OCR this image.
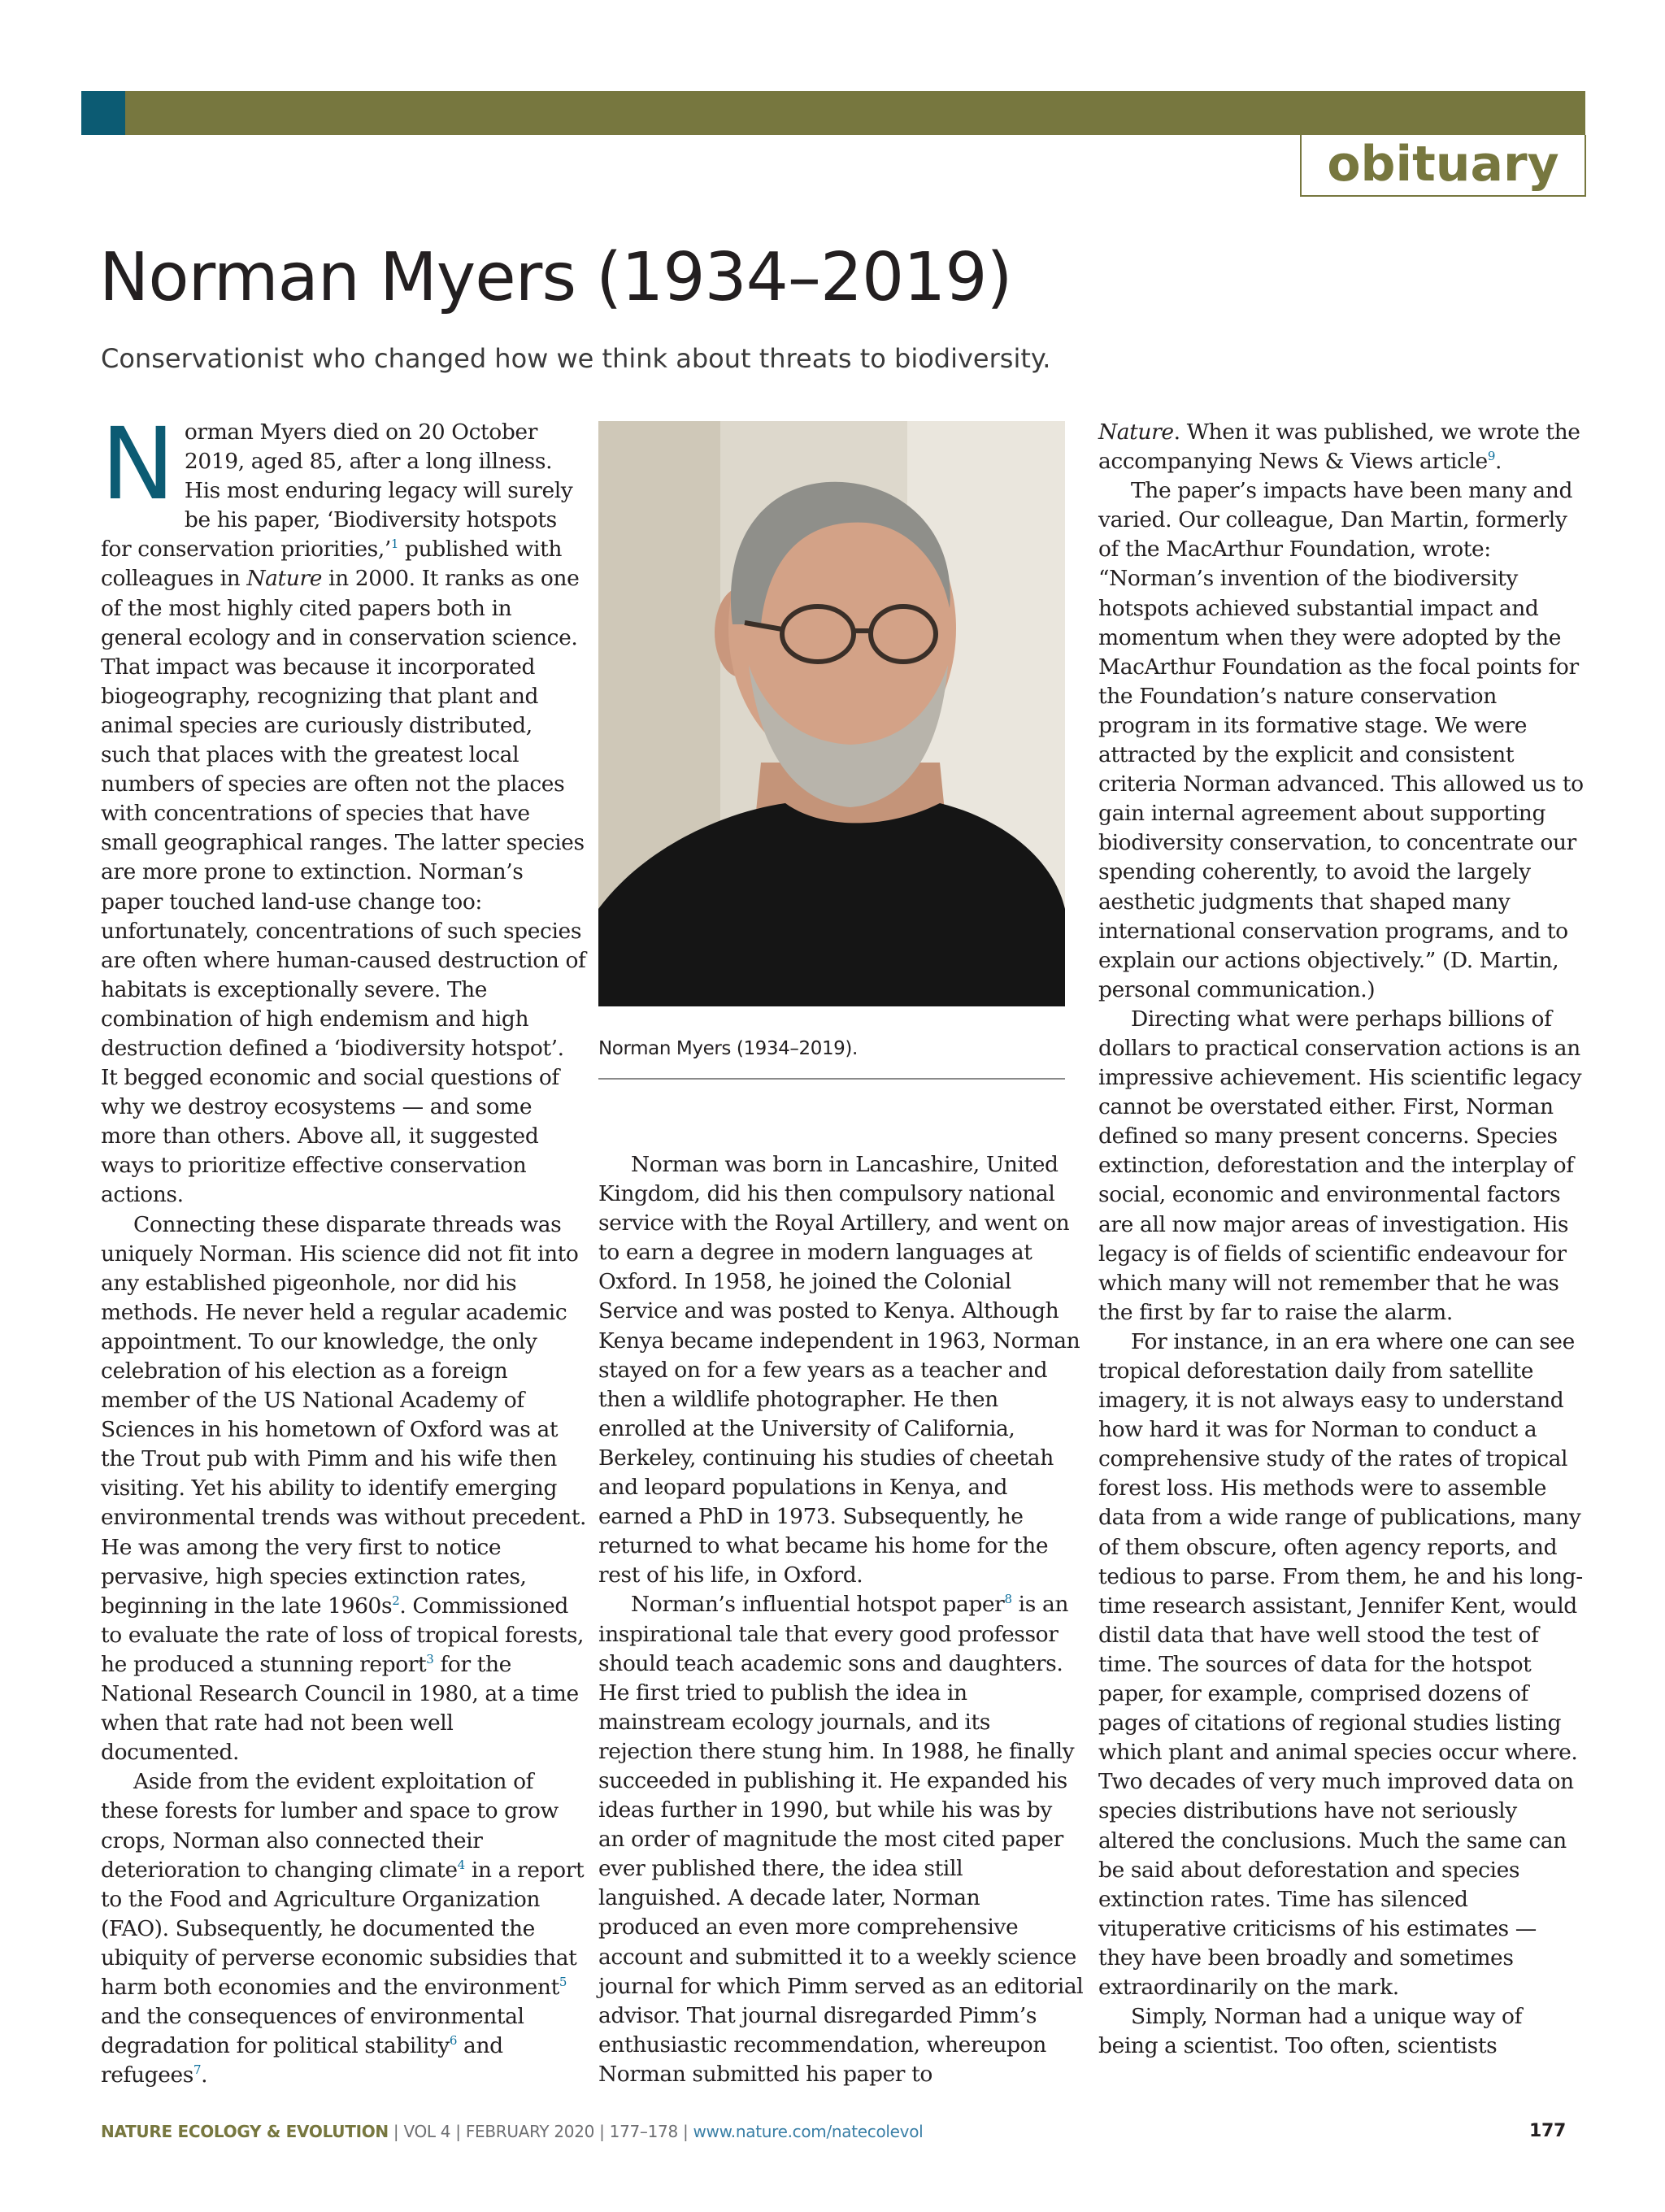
obituary
Norman Myers (1934–2019)

Conservationist who changed how we think about threats to biodiversity.

Norman Myers died on 20 October 2019, aged 85, after a long illness. His most enduring legacy will surely be his paper, ‘Biodiversity hotspots for conservation priorities,’$^1$ published with colleagues in Nature in 2000. It ranks as one of the most highly cited papers both in general ecology and in conservation science. That impact was because it incorporated biogeography, recognizing that plant and animal species are curiously distributed, such that places with the greatest local numbers of species are often not the places with concentrations of species that have small geographical ranges. The latter species are more prone to extinction. Norman’s paper touched land-use change too: unfortunately, concentrations of such species are often where human-caused destruction of habitats is exceptionally severe. The combination of high endemism and high destruction defined a ‘biodiversity hotspot’. It begged economic and social questions of why we destroy ecosystems — and some more than others. Above all, it suggested ways to prioritize effective conservation actions.

Connecting these disparate threads was uniquely Norman. His science did not fit into any established pigeonhole, nor did his methods. He never held a regular academic appointment. To our knowledge, the only celebration of his election as a foreign member of the US National Academy of Sciences in his hometown of Oxford was at the Trout pub with Pimm and his wife then visiting. Yet his ability to identify emerging environmental trends was without precedent. He was among the very first to notice pervasive, high species extinction rates, beginning in the late 1960s$^2$. Commissioned to evaluate the rate of loss of tropical forests, he produced a stunning report$^3$ for the National Research Council in 1980, at a time when that rate had not been well documented.

Aside from the evident exploitation of these forests for lumber and space to grow crops, Norman also connected their deterioration to changing climate$^4$ in a report to the Food and Agriculture Organization (FAO). Subsequently, he documented the ubiquity of perverse economic subsidies that harm both economies and the environment$^5$ and the consequences of environmental degradation for political stability$^6$ and refugees$^7$.

Norman Myers (1934–2019).

Norman was born in Lancashire, United Kingdom, did his then compulsory national service with the Royal Artillery, and went on to earn a degree in modern languages at Oxford. In 1958, he joined the Colonial Service and was posted to Kenya. Although Kenya became independent in 1963, Norman stayed on for a few years as a teacher and then a wildlife photographer. He then enrolled at the University of California, Berkeley, continuing his studies of cheetah and leopard populations in Kenya, and earned a PhD in 1973. Subsequently, he returned to what became his home for the rest of his life, in Oxford.

Norman’s influential hotspot paper$^8$ is an inspirational tale that every good professor should teach academic sons and daughters. He first tried to publish the idea in mainstream ecology journals, and its rejection there stung him. In 1988, he finally succeeded in publishing it. He expanded his ideas further in 1990, but while his was by an order of magnitude the most cited paper ever published there, the idea still languished. A decade later, Norman produced an even more comprehensive account and submitted it to a weekly science journal for which Pimm served as an editorial advisor. That journal disregarded Pimm’s enthusiastic recommendation, whereupon Norman submitted his paper to

Nature. When it was published, we wrote the accompanying News & Views article$^9$.

The paper’s impacts have been many and varied. Our colleague, Dan Martin, formerly of the MacArthur Foundation, wrote: “Norman’s invention of the biodiversity hotspots achieved substantial impact and momentum when they were adopted by the MacArthur Foundation as the focal points for the Foundation’s nature conservation program in its formative stage. We were attracted by the explicit and consistent criteria Norman advanced. This allowed us to gain internal agreement about supporting biodiversity conservation, to concentrate our spending coherently, to avoid the largely aesthetic judgments that shaped many international conservation programs, and to explain our actions objectively.” (D. Martin, personal communication.)

Directing what were perhaps billions of dollars to practical conservation actions is an impressive achievement. His scientific legacy cannot be overstated either. First, Norman defined so many present concerns. Species extinction, deforestation and the interplay of social, economic and environmental factors are all now major areas of investigation. His legacy is of fields of scientific endeavour for which many will not remember that he was the first by far to raise the alarm.

For instance, in an era where one can see tropical deforestation daily from satellite imagery, it is not always easy to understand how hard it was for Norman to conduct a comprehensive study of the rates of tropical forest loss. His methods were to assemble data from a wide range of publications, many of them obscure, often agency reports, and tedious to parse. From them, he and his long-time research assistant, Jennifer Kent, would distil data that have well stood the test of time. The sources of data for the hotspot paper, for example, comprised dozens of pages of citations of regional studies listing which plant and animal species occur where. Two decades of very much improved data on species distributions have not seriously altered the conclusions. Much the same can be said about deforestation and species extinction rates. Time has silenced vituperative criticisms of his estimates — they have been broadly and sometimes extraordinarily on the mark.

Simply, Norman had a unique way of being a scientist. Too often, scientists

NATURE ECOLOGY & EVOLUTION | VOL 4 | FEBRUARY 2020 | 177–178 | www.nature.com/natecolevol	177
